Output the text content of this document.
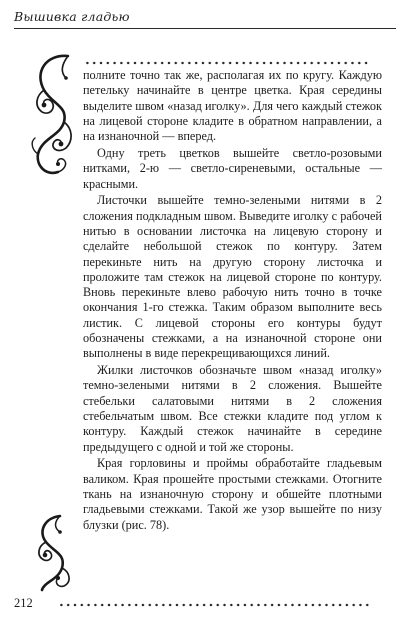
Вышивка гладью

полните точно так же, располагая их по кругу. Каждую петельку начинайте в центре цветка. Края середины выделите швом «назад иголку». Для чего каждый стежок на лицевой стороне кладите в обратном направлении, а на изнаночной — вперед.

Одну треть цветков вышейте светло-розовыми нитками, 2-ю — светло-сиреневыми, остальные — красными.

Листочки вышейте темно-зелеными нитями в 2 сложения подкладным швом. Выведите иголку с рабочей нитью в основании листочка на лицевую сторону и сделайте небольшой стежок по контуру. Затем перекиньте нить на другую сторону листочка и проложите там стежок на лицевой стороне по контуру. Вновь перекиньте влево рабочую нить точно в точке окончания 1-го стежка. Таким образом выполните весь листик. С лицевой стороны его контуры будут обозначены стежками, а на изнаночной стороне они выполнены в виде перекрещивающихся линий.

Жилки листочков обозначьте швом «назад иголку» темно-зелеными нитями в 2 сложения. Вышейте стебельки салатовыми нитями в 2 сложения стебельчатым швом. Все стежки кладите под углом к контуру. Каждый стежок начинайте в середине предыдущего с одной и той же стороны.

Края горловины и проймы обработайте гладьевым валиком. Края прошейте простыми стежками. Отогните ткань на изнаночную сторону и обшейте плотными гладьевыми стежками. Такой же узор вышейте по низу блузки (рис. 78).

212
